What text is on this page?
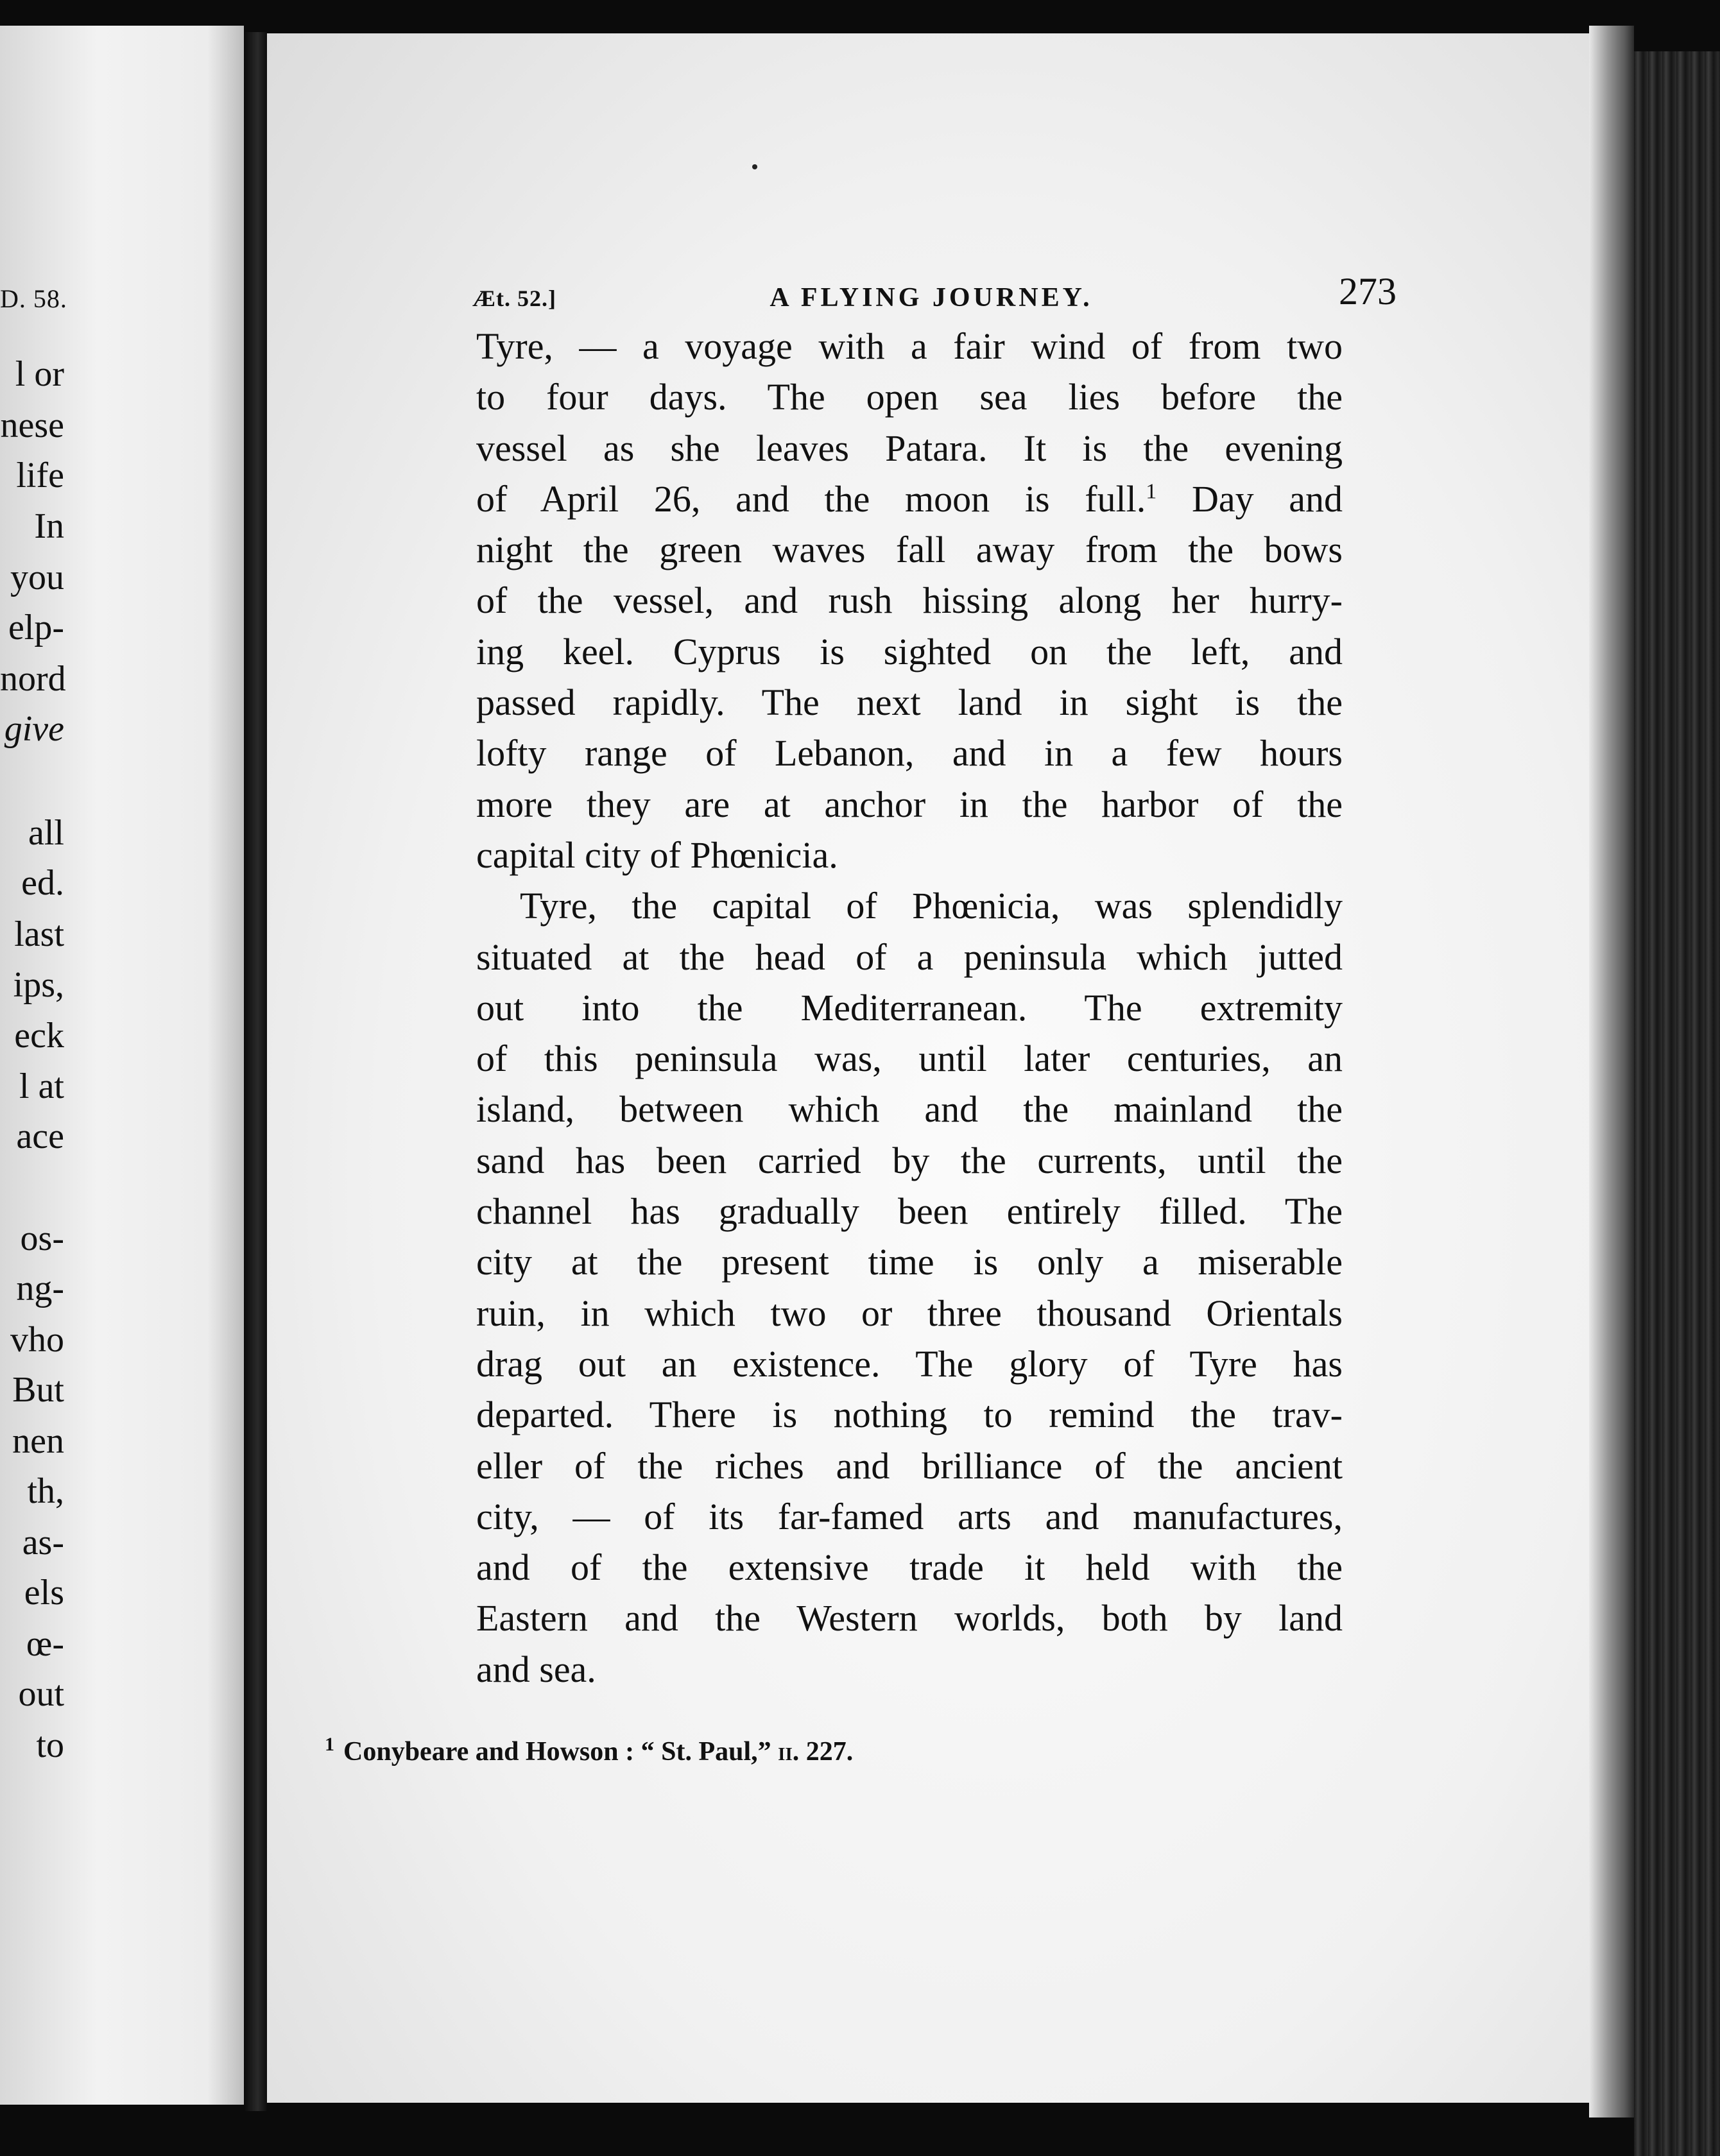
D. 58.
l or
nese
life
In
you
elp-
nord
give
all
ed.
last
ips,
eck
l at
ace
os-
ng-
vho
But
nen
th,
as-
els
œ-
out
to
Æt. 52.]	A FLYING JOURNEY.	273
Tyre, — a voyage with a fair wind of from two
to four days. The open sea lies before the
vessel as she leaves Patara. It is the evening
of April 26, and the moon is full.$^1$ Day and
night the green waves fall away from the bows
of the vessel, and rush hissing along her hurry-
ing keel. Cyprus is sighted on the left, and
passed rapidly. The next land in sight is the
lofty range of Lebanon, and in a few hours
more they are at anchor in the harbor of the
capital city of Phœnicia.
Tyre, the capital of Phœnicia, was splendidly
situated at the head of a peninsula which jutted
out into the Mediterranean. The extremity
of this peninsula was, until later centuries, an
island, between which and the mainland the
sand has been carried by the currents, until the
channel has gradually been entirely filled. The
city at the present time is only a miserable
ruin, in which two or three thousand Orientals
drag out an existence. The glory of Tyre has
departed. There is nothing to remind the trav-
eller of the riches and brilliance of the ancient
city, — of its far-famed arts and manufactures,
and of the extensive trade it held with the
Eastern and the Western worlds, both by land
and sea.
$^1$ Conybeare and Howson : “ St. Paul,” ii. 227.
